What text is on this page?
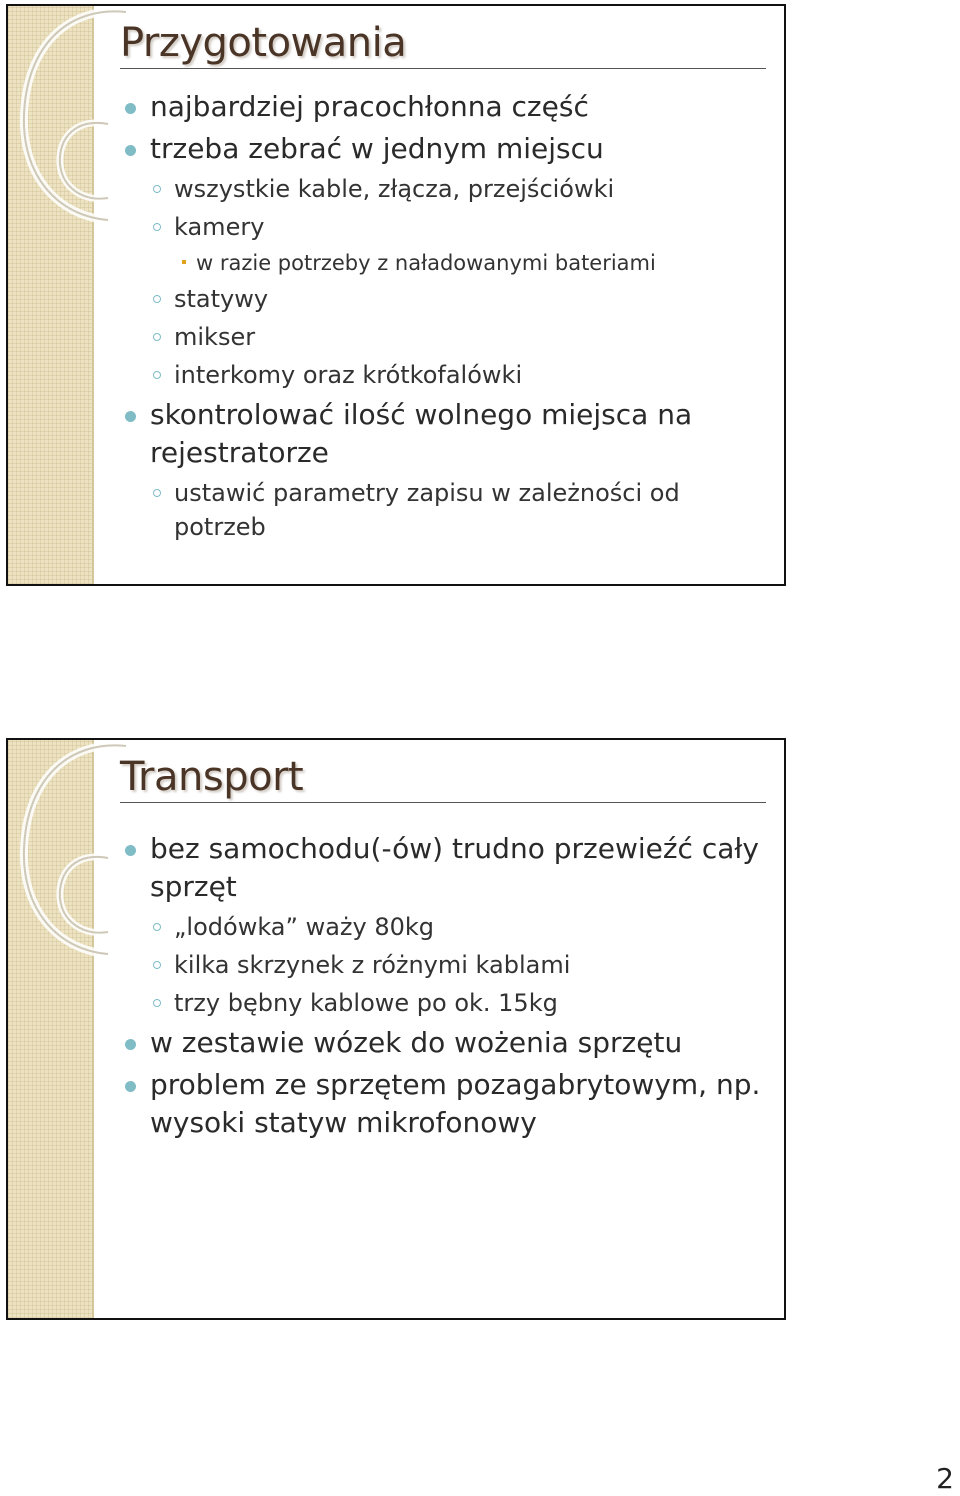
Przygotowania
najbardziej pracochłonna część
trzeba zebrać w jednym miejscu
wszystkie kable, złącza, przejściówki
kamery
w razie potrzeby z naładowanymi bateriami
statywy
mikser
interkomy oraz krótkofalówki
skontrolować ilość wolnego miejsca na rejestratorze
ustawić parametry zapisu w zależności od potrzeb
Transport
bez samochodu(-ów) trudno przewieźć cały sprzęt
„lodówka” waży 80kg
kilka skrzynek z różnymi kablami
trzy bębny kablowe po ok. 15kg
w zestawie wózek do wożenia sprzętu
problem ze sprzętem pozagabrytowym, np. wysoki statyw mikrofonowy
2
